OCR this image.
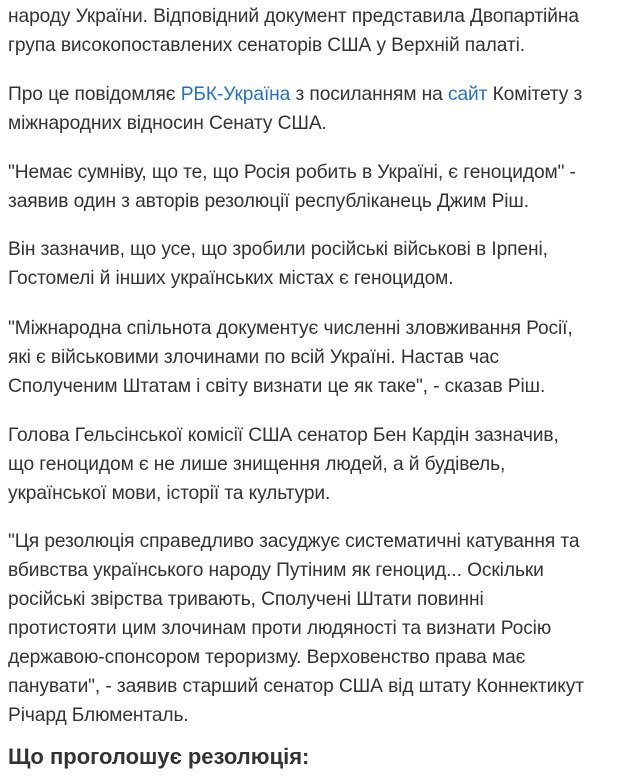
народу України. Відповідний документ представила Двопартійна
група високопоставлених сенаторів США у Верхній палаті.

Про це повідомляє РБК-Україна з посиланням на сайт Комітету з
міжнародних відносин Сенату США.

"Немає сумніву, що те, що Росія робить в Україні, є геноцидом" -
заявив один з авторів резолюції республіканець Джим Ріш.

Він зазначив, що усе, що зробили російські військові в Ірпені,
Гостомелі й інших українських містах є геноцидом.

"Міжнародна спільнота документує численні зловживання Росії,
які є військовими злочинами по всій Україні. Настав час
Сполученим Штатам і світу визнати це як таке", - сказав Ріш.

Голова Гельсінської комісії США сенатор Бен Кардін зазначив,
що геноцидом є не лише знищення людей, а й будівель,
української мови, історії та культури.

"Ця резолюція справедливо засуджує систематичні катування та
вбивства українського народу Путіним як геноцид... Оскільки
російські звірства тривають, Сполучені Штати повинні
протистояти цим злочинам проти людяності та визнати Росію
державою-спонсором тероризму. Верховенство права має
панувати", - заявив старший сенатор США від штату Коннектикут
Річард Блюменталь.

Що проголошує резолюція:
